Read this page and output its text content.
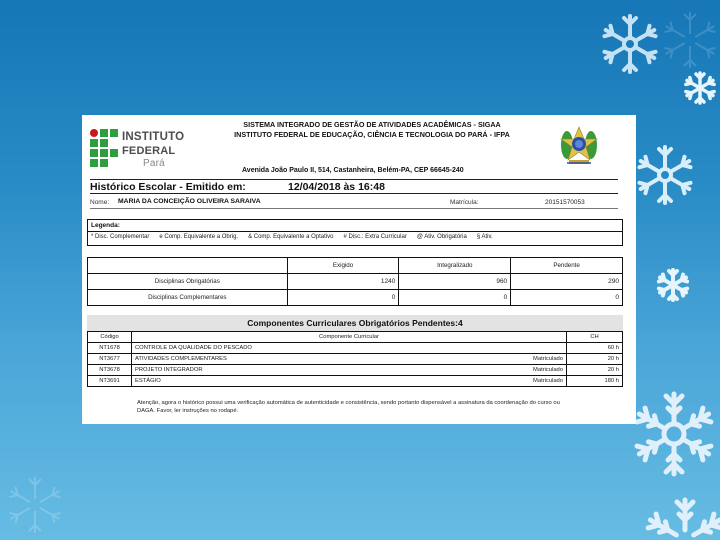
INSTITUTO
FEDERAL
Pará
SISTEMA INTEGRADO DE GESTÃO DE ATIVIDADES ACADÊMICAS - SIGAA
INSTITUTO FEDERAL DE EDUCAÇÃO, CIÊNCIA E TECNOLOGIA DO PARÁ - IFPA
Avenida João Paulo II, 514, Castanheira, Belém-PA, CEP 66645-240
Histórico Escolar - Emitido em:	12/04/2018 às 16:48
Nome: MARIA DA CONCEIÇÃO OLIVEIRA SARAIVA	Matrícula:	20151570053
Legenda:
* Disc. Complementar e Comp. Equivalente a Obrig. & Comp. Equivalente a Optativo # Disc.: Extra Curricular @ Ativ. Obrigatória § Ativ.
	Exigido	Integralizado	Pendente
Disciplinas Obrigatórias	1240	960	290
Disciplinas Complementares	0	0	0
Componentes Curriculares Obrigatórios Pendentes:4
Código	Componente Curricular		CH
NT1678	CONTROLE DA QUALIDADE DO PESCADO		60 h
NT3677	ATIVIDADES COMPLEMENTARES	Matriculado	20 h
NT3678	PROJETO INTEGRADOR	Matriculado	20 h
NT3691	ESTÁGIO	Matriculado	180 h
Atenção, agora o histórico possui uma verificação automática de autenticidade e consistência, sendo portanto dispensável a assinatura da coordenação do curso ou DAGA. Favor, ler instruções no rodapé.
